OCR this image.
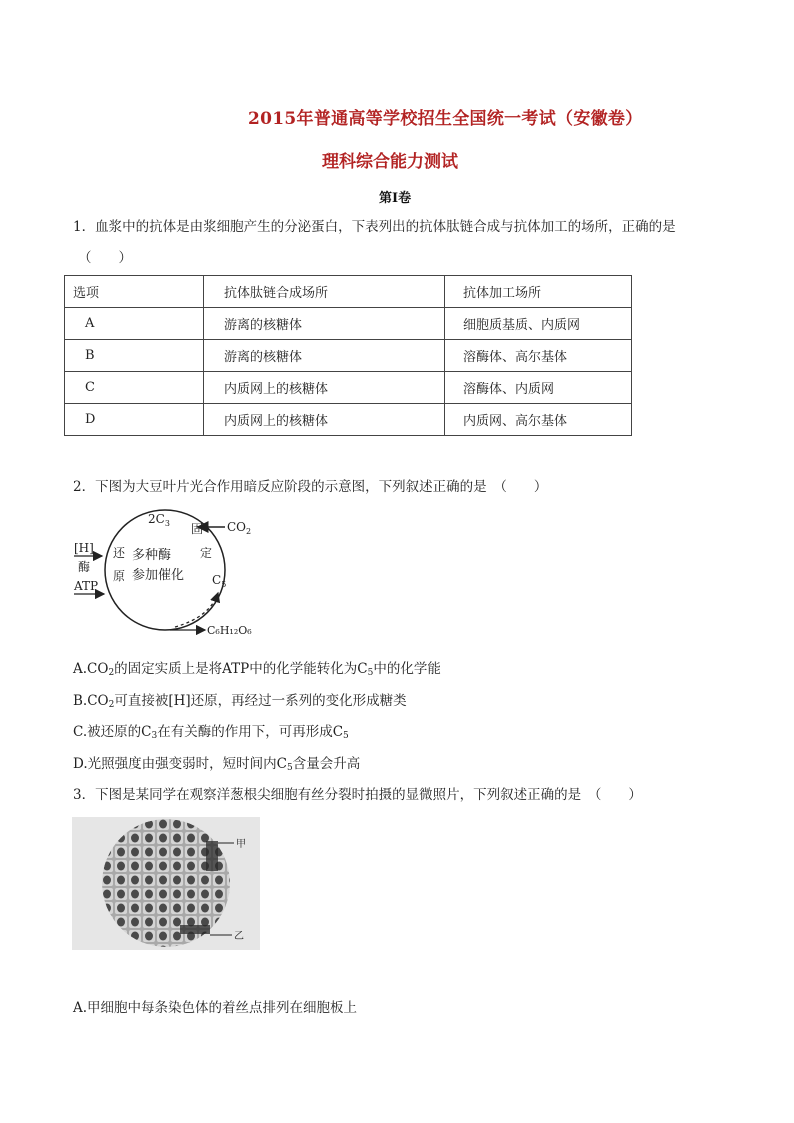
2015年普通高等学校招生全国统一考试（安徽卷）
理科综合能力测试
第I卷
1．血浆中的抗体是由浆细胞产生的分泌蛋白，下表列出的抗体肽链合成与抗体加工的场所，正确的是
（　　）
选项	抗体肽链合成场所	抗体加工场所
A	游离的核糖体	细胞质基质、内质网
B	游离的核糖体	溶酶体、高尔基体
C	内质网上的核糖体	溶酶体、内质网
D	内质网上的核糖体	内质网、高尔基体
2．下图为大豆叶片光合作用暗反应阶段的示意图，下列叙述正确的是　（　　）
$2C_3$	$CO_2$
固
定
$C_5$
[H]
酶
ATP
还
原
多种酶
参加催化
C₆H₁₂O₆
$A.CO_2$的固定实质上是将ATP中的化学能转化为$C_5$中的化学能
$B.CO_2$可直接被[H]还原，再经过一系列的变化形成糖类
C.被还原的$C_3$在有关酶的作用下，可再形成$C_5$
D.光照强度由强变弱时，短时间内$C_5$含量会升高
3．下图是某同学在观察洋葱根尖细胞有丝分裂时拍摄的显微照片，下列叙述正确的是　（　　）
甲
乙
A.甲细胞中每条染色体的着丝点排列在细胞板上
